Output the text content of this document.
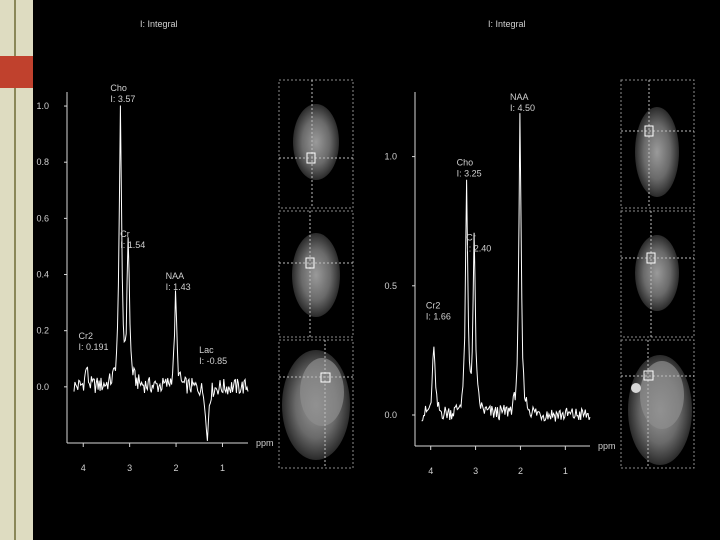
I: Integral
ppm
1.0
0.8
0.6
0.4
0.2
0.0
4	3	2	1
Cr2
I: 0.191
Cho
I: 3.57
Cr
I: 1.54
NAA
I: 1.43
Lac
I: -0.85
I: Integral
ppm
1.0
0.5
0.0
4	3	2	1
Cr2
I: 1.66
Cho
I: 3.25
Cr
I: 2.40
NAA
I: 4.50
